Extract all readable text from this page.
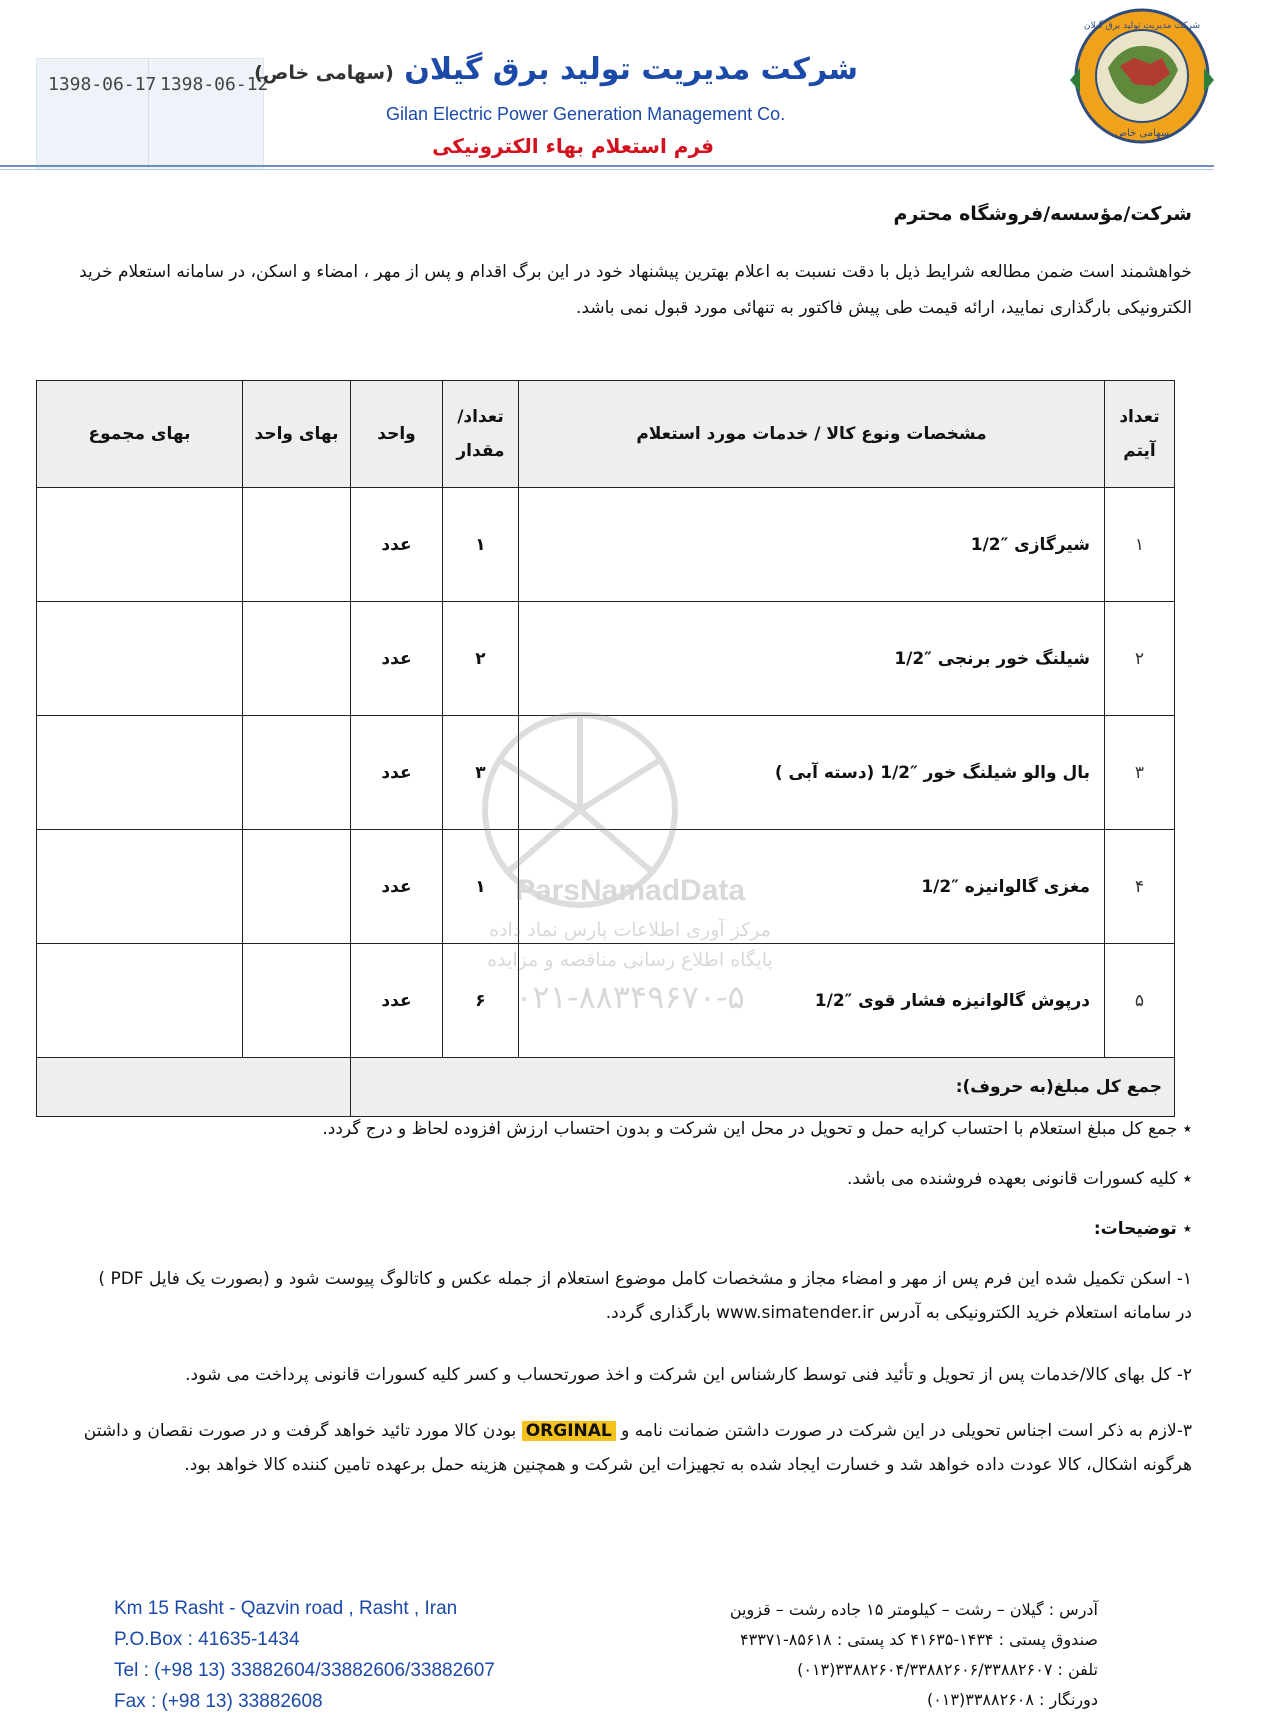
1398-06-17 1398-06-12	شرکت مدیریت تولید برق گیلان (سهامی خاص)
Gilan Electric Power Generation Management Co.
فرم استعلام بهاء الکترونیکی
شرکت مدیریت تولید برق گیلان
سهامی خاص
شرکت/مؤسسه/فروشگاه محترم
خواهشمند است ضمن مطالعه شرایط ذیل با دقت نسبت به اعلام بهترین پیشنهاد خود در این برگ اقدام و پس از مهر ، امضاء و اسکن، در سامانه استعلام خرید الکترونیکی بارگذاری نمایید، ارائه قیمت طی پیش فاکتور به تنهائی مورد قبول نمی باشد.
تعداد آیتم	مشخصات ونوع کالا / خدمات مورد استعلام	تعداد/ مقدار	واحد	بهای واحد	بهای مجموع
۱	شیرگازی ″1/2	۱	عدد		
۲	شیلنگ خور برنجی ″1/2	۲	عدد		
۳	بال والو شیلنگ خور ″1/2 (دسته آبی )	۳	عدد		
۴	مغزی گالوانیزه ″1/2	۱	عدد		
۵	درپوش گالوانیزه فشار قوی ″1/2	۶	عدد		
جمع کل مبلغ(به حروف):					
ParsNamadData
مرکز آوری اطلاعات پارس نماد داده
پایگاه اطلاع رسانی مناقصه و مزایده
۰۲۱-۸۸۳۴۹۶۷۰-۵
٭ جمع کل مبلغ استعلام با احتساب کرایه حمل و تحویل در محل این شرکت و بدون احتساب ارزش افزوده لحاظ و درج گردد.
٭ کلیه کسورات قانونی بعهده فروشنده می باشد.
٭ توضیحات:
۱- اسکن تکمیل شده این فرم پس از مهر و امضاء مجاز و مشخصات کامل موضوع استعلام از جمله عکس و کاتالوگ پیوست شود و (بصورت یک فایل PDF )
در سامانه استعلام خرید الکترونیکی به آدرس www.simatender.ir بارگذاری گردد.
۲- کل بهای کالا/خدمات پس از تحویل و تأئید فنی توسط کارشناس این شرکت و اخذ صورتحساب و کسر کلیه کسورات قانونی پرداخت می شود.
۳-لازم به ذکر است اجناس تحویلی در این شرکت در صورت داشتن ضمانت نامه و ORGINAL بودن کالا مورد تائید خواهد گرفت و در صورت نقصان و داشتن
هرگونه اشکال، کالا عودت داده خواهد شد و خسارت ایجاد شده به تجهیزات این شرکت و همچنین هزینه حمل برعهده تامین کننده کالا خواهد بود.
Km 15 Rasht - Qazvin road , Rasht , Iran
P.O.Box : 41635-1434
Tel : (+98 13) 33882604/33882606/33882607
Fax : (+98 13) 33882608
آدرس : گیلان – رشت – کیلومتر ۱۵ جاده رشت – قزوین
صندوق پستی : ۱۴۳۴-۴۱۶۳۵ کد پستی : ۸۵۶۱۸-۴۳۳۷۱
تلفن : ۳۳۸۸۲۶۰۴/۳۳۸۸۲۶۰۶/۳۳۸۸۲۶۰۷(۰۱۳)
دورنگار : ۳۳۸۸۲۶۰۸(۰۱۳)
